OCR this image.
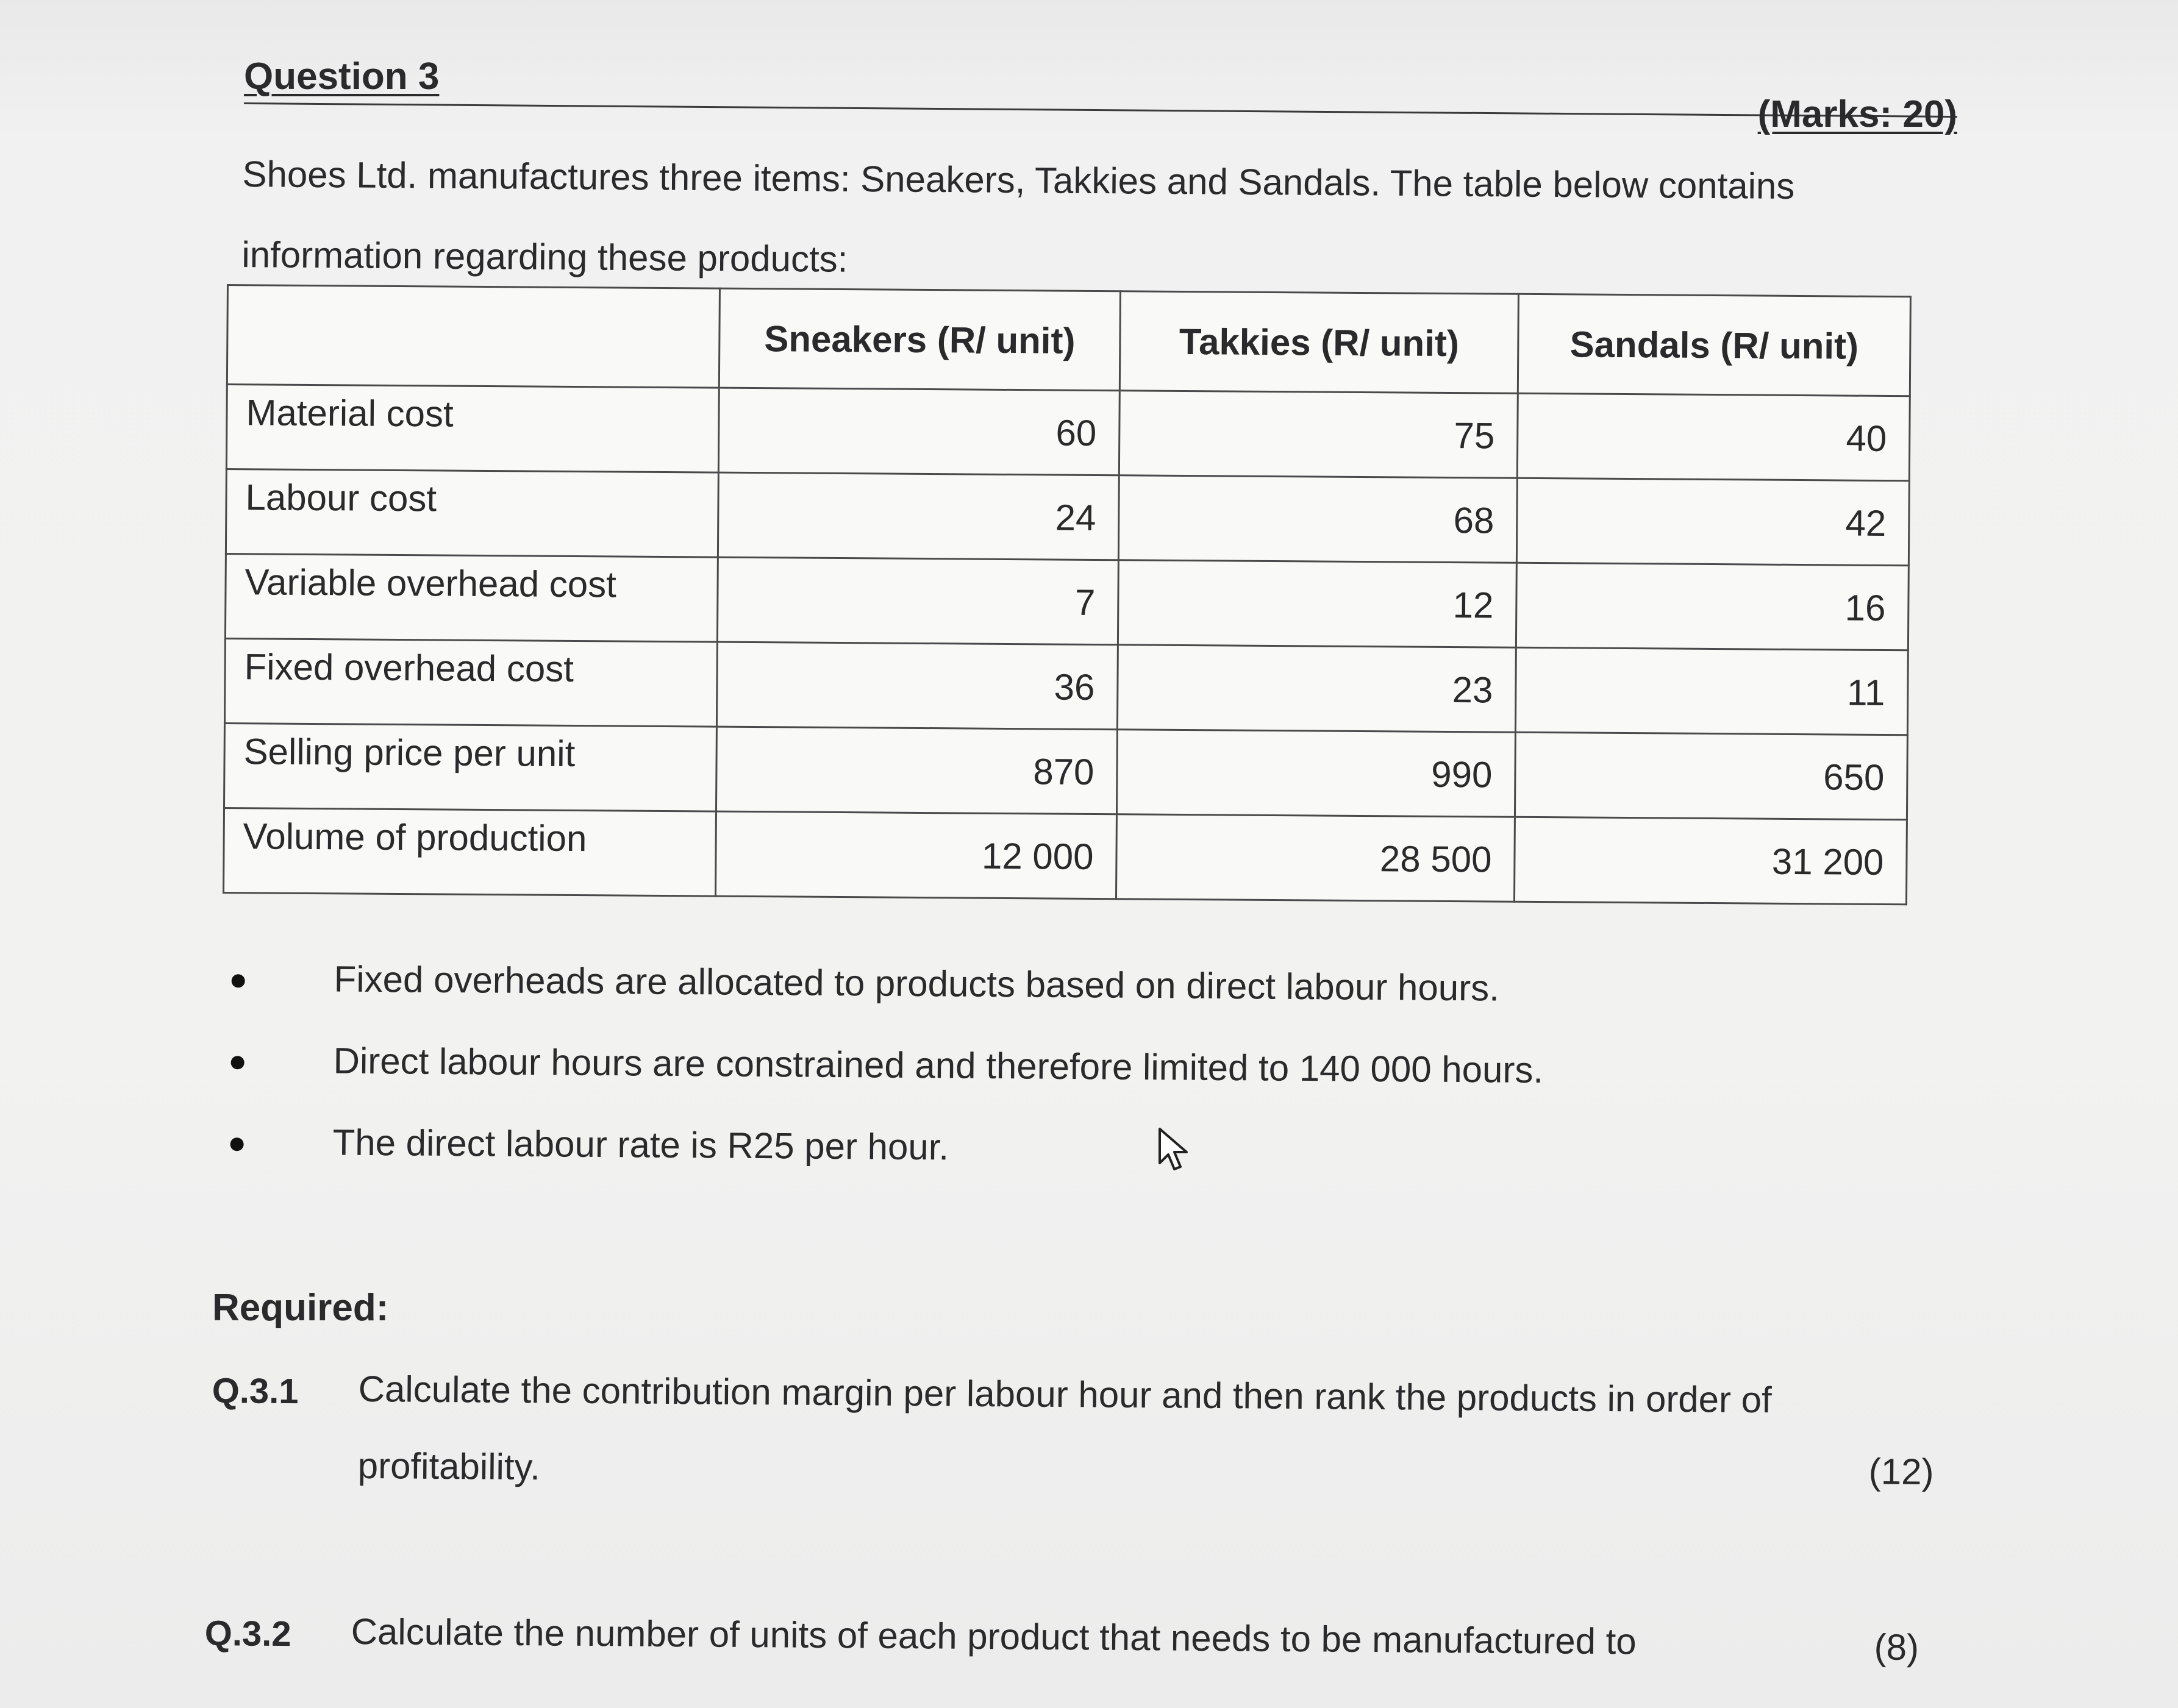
Question 3
(Marks: 20)

Shoes Ltd. manufactures three items: Sneakers, Takkies and Sandals. The table below contains information regarding these products:

	Sneakers (R/ unit)	Takkies (R/ unit)	Sandals (R/ unit)
Material cost	60	75	40
Labour cost	24	68	42
Variable overhead cost	7	12	16
Fixed overhead cost	36	23	11
Selling price per unit	870	990	650
Volume of production	12 000	28 500	31 200
Fixed overheads are allocated to products based on direct labour hours.
Direct labour hours are constrained and therefore limited to 140 000 hours.
The direct labour rate is R25 per hour.
Required:
Q.3.1 Calculate the contribution margin per labour hour and then rank the products in order of profitability.	(12)
Q.3.2 Calculate the number of units of each product that needs to be manufactured to	(8)
